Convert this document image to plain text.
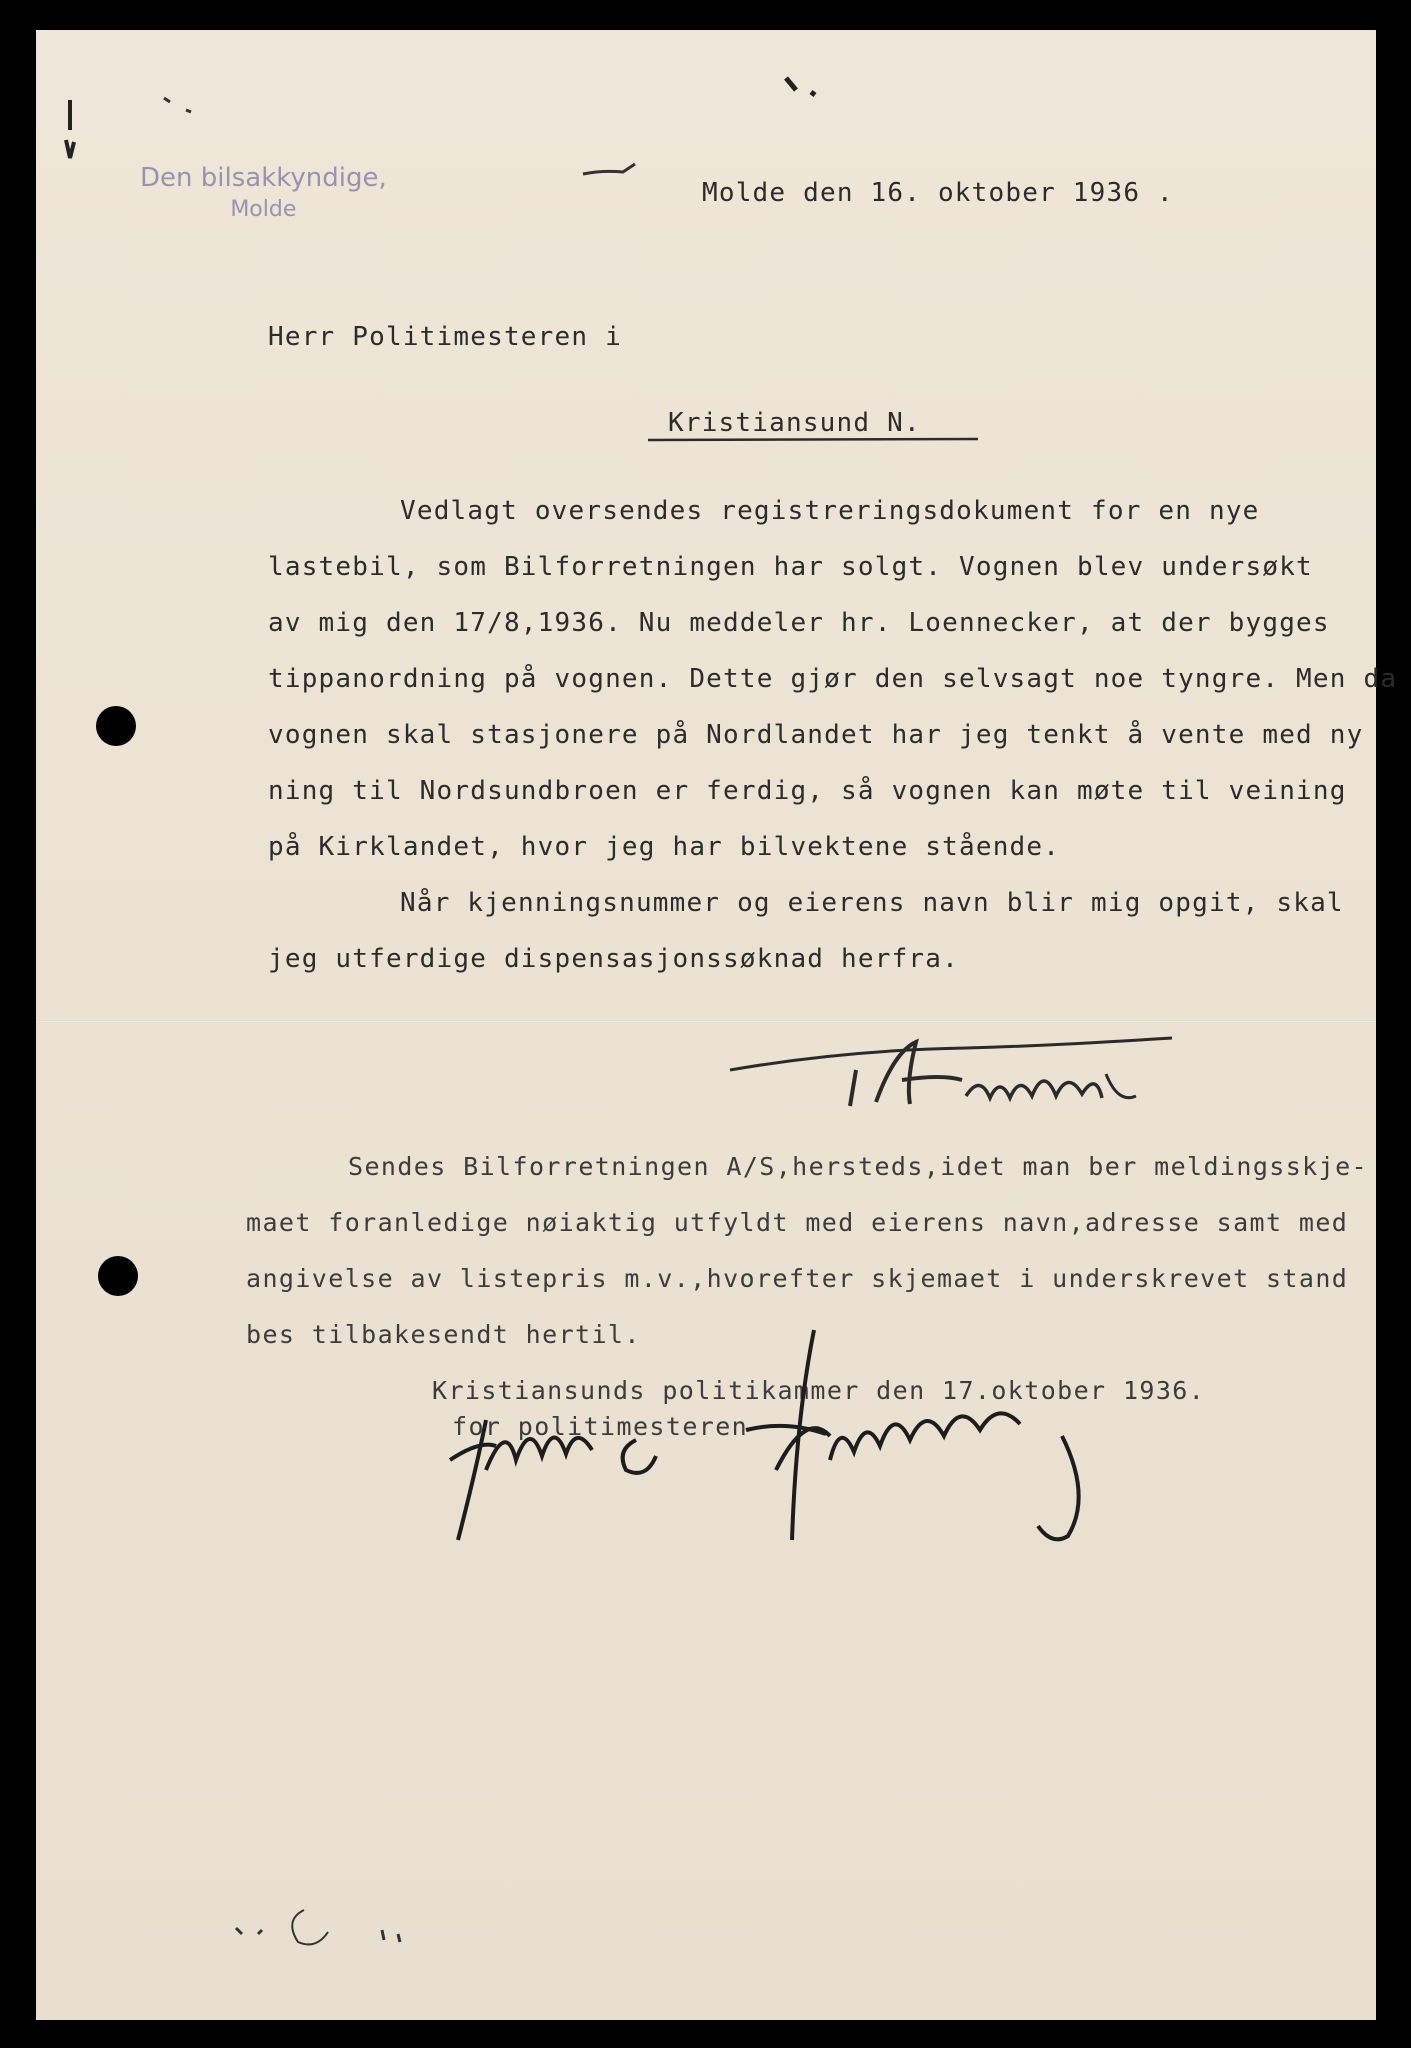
Den bilsakkyndige,
Molde
Molde den 16. oktober 1936 .
Herr Politimesteren i
Kristiansund N.
Vedlagt oversendes registreringsdokument for en nye
lastebil, som Bilforretningen har solgt. Vognen blev undersøkt
av mig den 17/8,1936. Nu meddeler hr. Loennecker, at der bygges
tippanordning på vognen. Dette gjør den selvsagt noe tyngre. Men da
vognen skal stasjonere på Nordlandet har jeg tenkt å vente med ny
ning til Nordsundbroen er ferdig, så vognen kan møte til veining
på Kirklandet, hvor jeg har bilvektene stående.
Når kjenningsnummer og eierens navn blir mig opgit, skal
jeg utferdige dispensasjonssøknad herfra.
Sendes Bilforretningen A/S,hersteds,idet man ber meldingsskje-
maet foranledige nøiaktig utfyldt med eierens navn,adresse samt med
angivelse av listepris m.v.,hvorefter skjemaet i underskrevet stand
bes tilbakesendt hertil.
Kristiansunds politikammer den 17.oktober 1936.
for politimesteren
